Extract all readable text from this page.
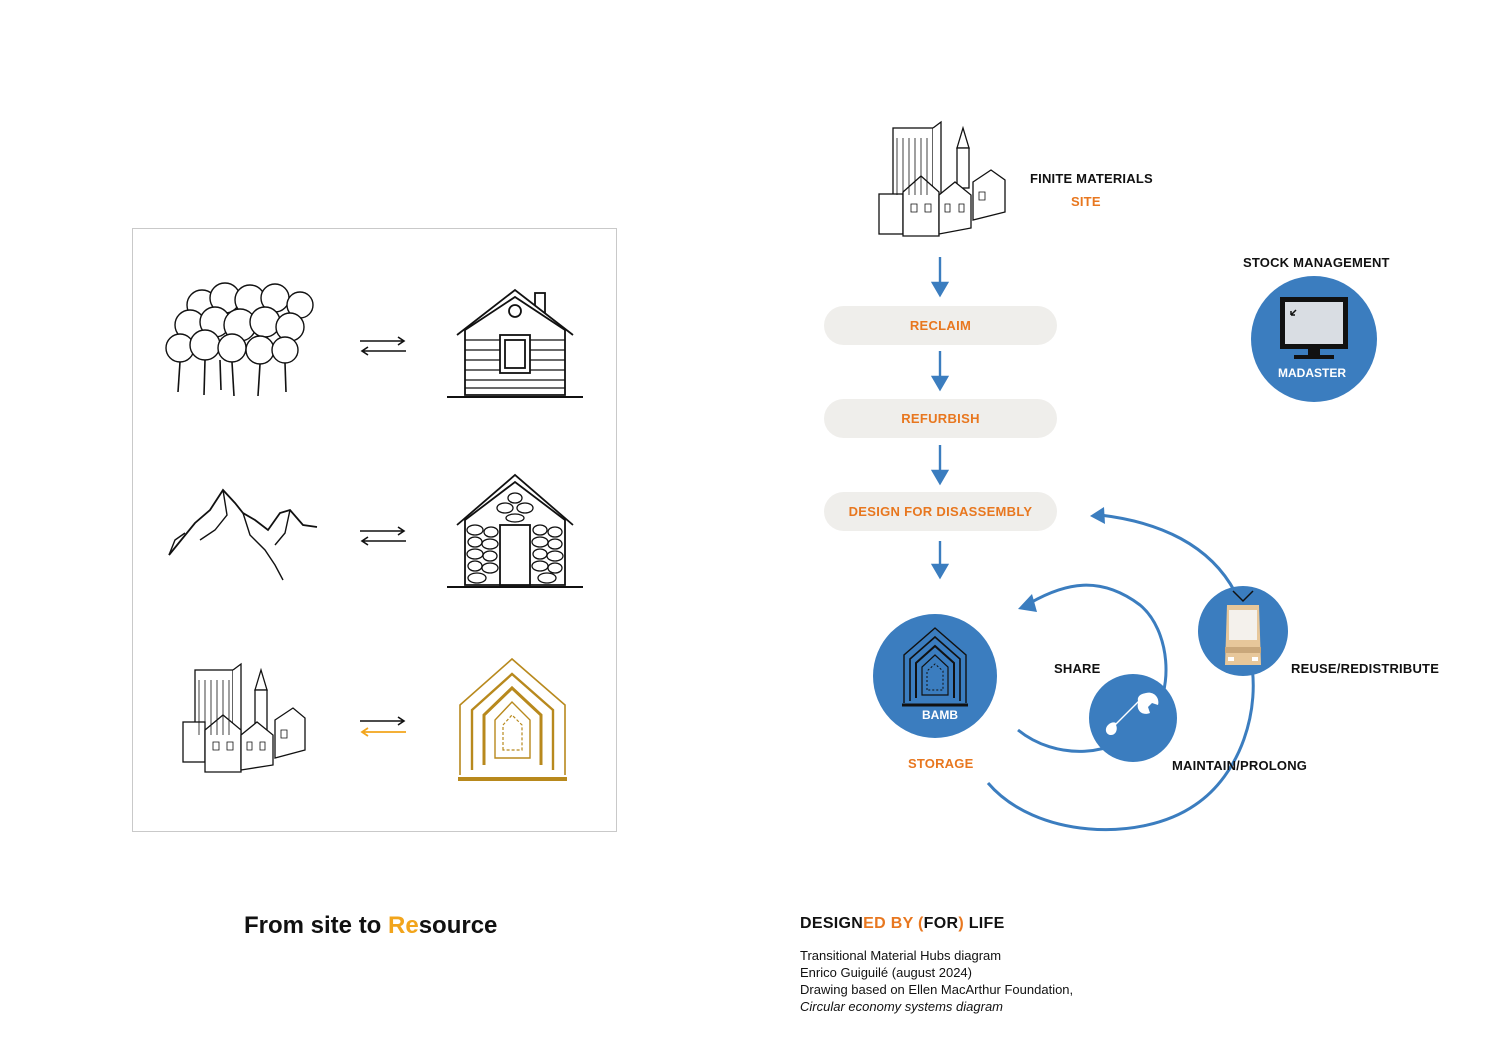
From site to Resource
FINITE MATERIALS
SITE
RECLAIM
REFURBISH
DESIGN FOR DISASSEMBLY
STOCK MANAGEMENT
MADASTER
BAMB
STORAGE
SHARE
MAINTAIN/PROLONG
REUSE/REDISTRIBUTE
DESIGNED BY (FOR) LIFE
Transitional Material Hubs diagram
Enrico Guiguilé (august 2024)
Drawing based on Ellen MacArthur Foundation,
Circular economy systems diagram
